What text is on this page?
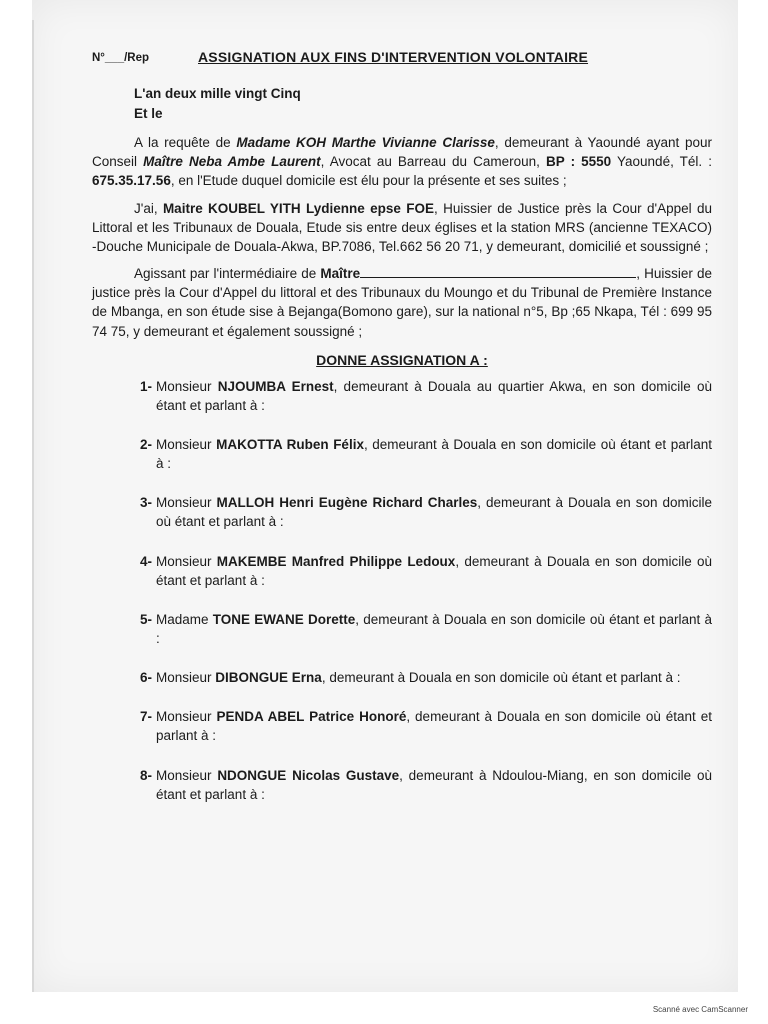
N°___/Rep	ASSIGNATION AUX FINS D'INTERVENTION VOLONTAIRE
L'an deux mille vingt Cinq
Et le

A la requête de Madame KOH Marthe Vivianne Clarisse, demeurant à Yaoundé ayant pour Conseil Maître Neba Ambe Laurent, Avocat au Barreau du Cameroun, BP : 5550 Yaoundé, Tél. : 675.35.17.56, en l'Etude duquel domicile est élu pour la présente et ses suites ;

J'ai, Maitre KOUBEL YITH Lydienne epse FOE, Huissier de Justice près la Cour d'Appel du Littoral et les Tribunaux de Douala, Etude sis entre deux églises et la station MRS (ancienne TEXACO) -Douche Municipale de Douala-Akwa, BP.7086, Tel.662 56 20 71, y demeurant, domicilié et soussigné ;

Agissant par l'intermédiaire de Maître	, Huissier de justice près la Cour d'Appel du littoral et des Tribunaux du Moungo et du Tribunal de Première Instance de Mbanga, en son étude sise à Bejanga(Bomono gare), sur la national n°5, Bp ;65 Nkapa, Tél : 699 95 74 75, y demeurant et également soussigné ;

DONNE ASSIGNATION A :
1- Monsieur NJOUMBA Ernest, demeurant à Douala au quartier Akwa, en son domicile où étant et parlant à :
2- Monsieur MAKOTTA Ruben Félix, demeurant à Douala en son domicile où étant et parlant à :
3- Monsieur MALLOH Henri Eugène Richard Charles, demeurant à Douala en son domicile où étant et parlant à :
4- Monsieur MAKEMBE Manfred Philippe Ledoux, demeurant à Douala en son domicile où étant et parlant à :
5- Madame TONE EWANE Dorette, demeurant à Douala en son domicile où étant et parlant à :
6- Monsieur DIBONGUE Erna, demeurant à Douala en son domicile où étant et parlant à :
7- Monsieur PENDA ABEL Patrice Honoré, demeurant à Douala en son domicile où étant et parlant à :
8- Monsieur NDONGUE Nicolas Gustave, demeurant à Ndoulou-Miang, en son domicile où étant et parlant à :
Scanné avec CamScanner
